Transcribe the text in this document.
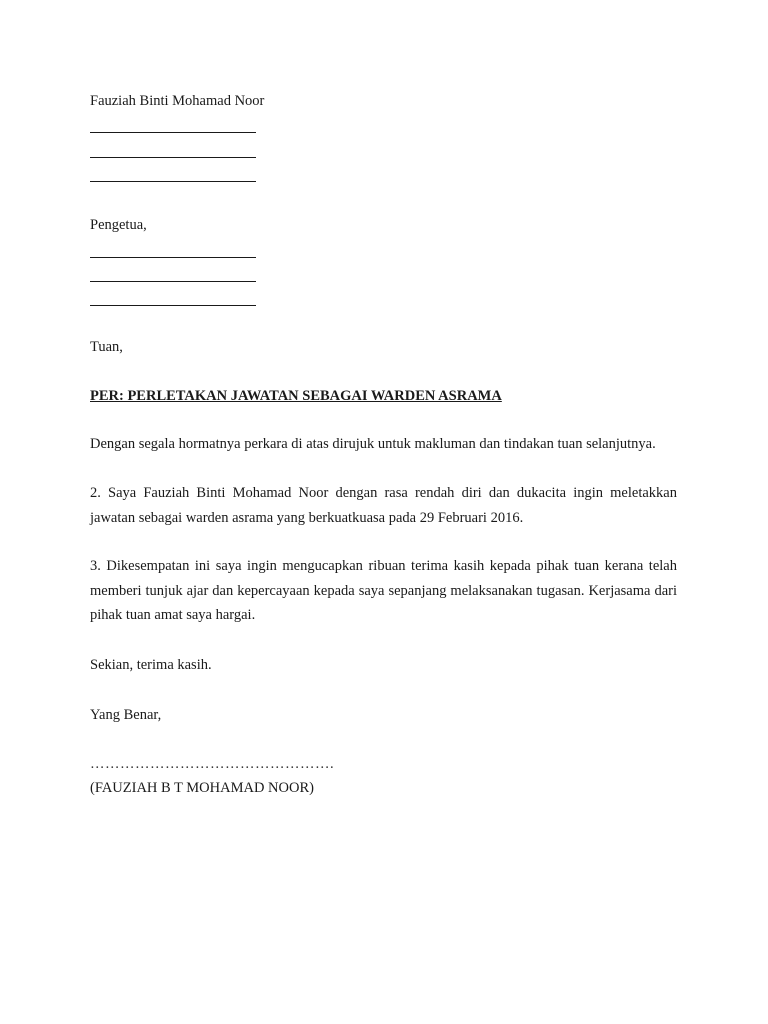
Fauziah Binti Mohamad Noor
Pengetua,
Tuan,
PER: PERLETAKAN JAWATAN SEBAGAI WARDEN ASRAMA

Dengan segala hormatnya perkara di atas dirujuk untuk makluman dan tindakan tuan selanjutnya.

2. Saya Fauziah Binti Mohamad Noor dengan rasa rendah diri dan dukacita ingin meletakkan jawatan sebagai warden asrama yang berkuatkuasa pada 29 Februari 2016.

3. Dikesempatan ini saya ingin mengucapkan ribuan terima kasih kepada pihak tuan kerana telah memberi tunjuk ajar dan kepercayaan kepada saya sepanjang melaksanakan tugasan. Kerjasama dari pihak tuan amat saya hargai.

Sekian, terima kasih.
Yang Benar,
………………………………………….
(FAUZIAH B T MOHAMAD NOOR)
